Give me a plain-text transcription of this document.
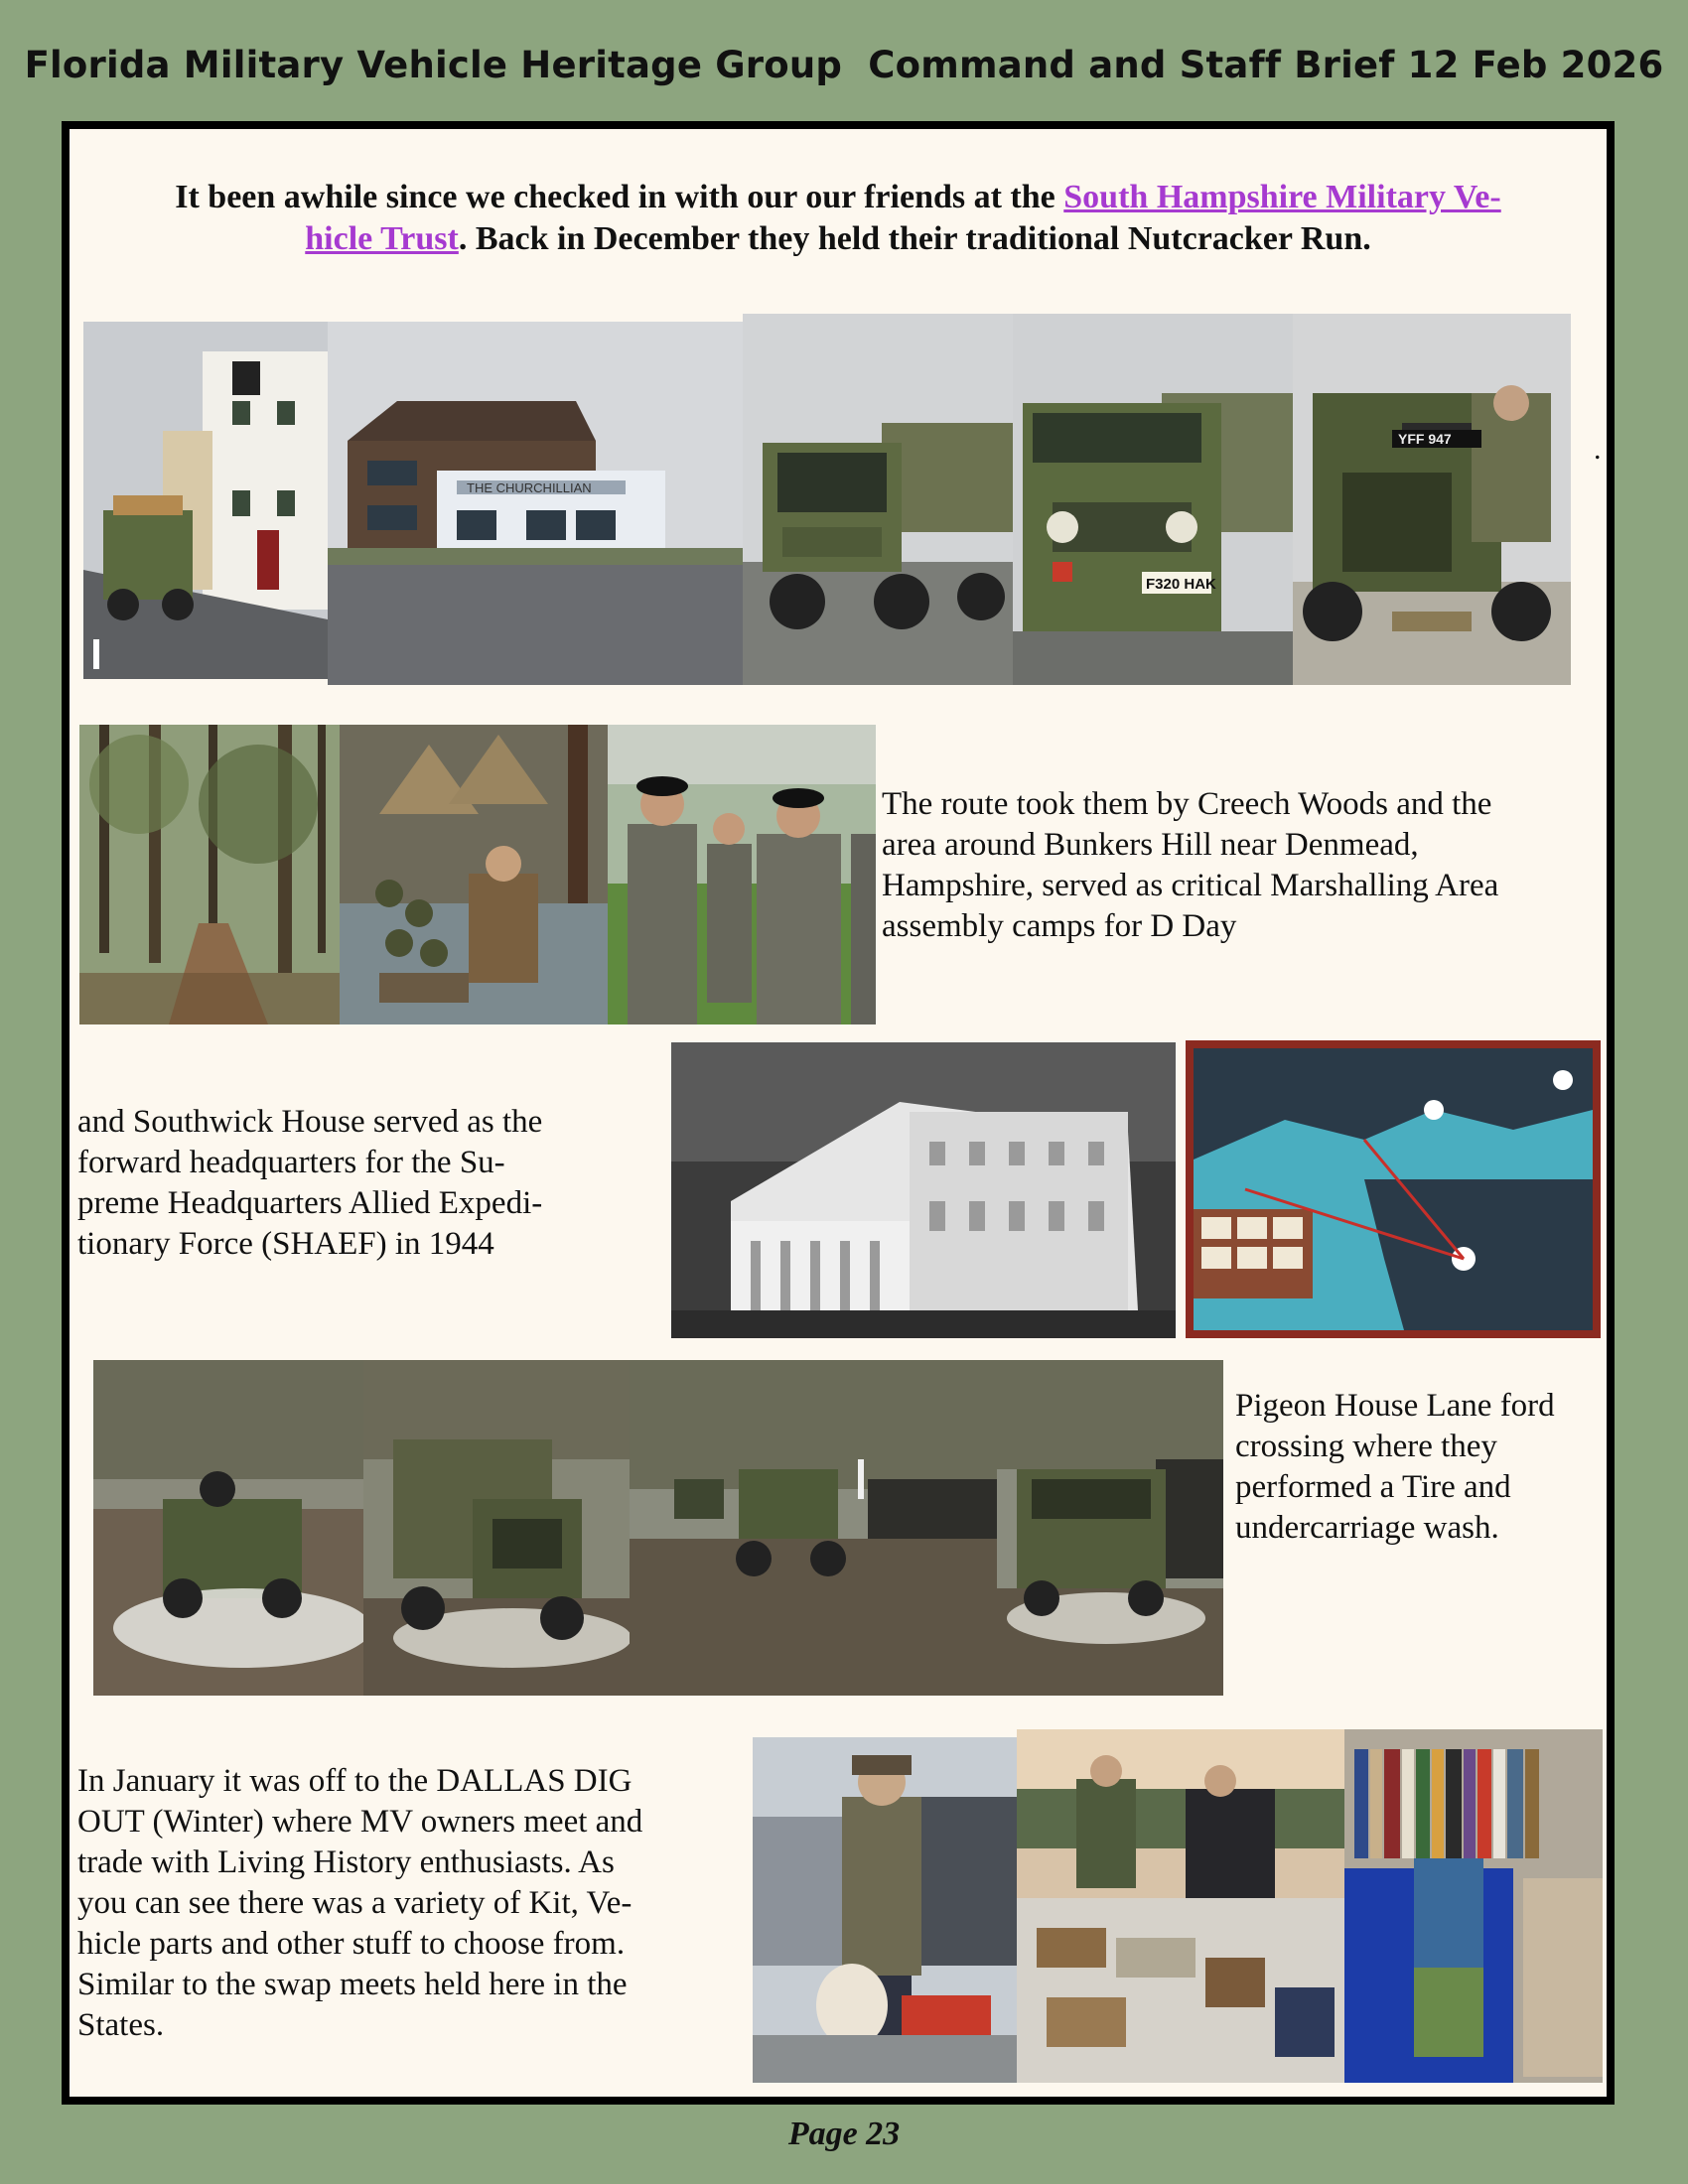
Florida Military Vehicle Heritage Group Command and Staff Brief 12 Feb 2026
It been awhile since we checked in with our our friends at the South Hampshire Military Ve-
hicle Trust. Back in December they held their traditional Nutcracker Run.
THE CHURCHILLIAN
F320 HAK
YFF 947	.
The route took them by Creech Woods and the
area around Bunkers Hill near Denmead,
Hampshire, served as critical Marshalling Area
assembly camps for D Day
and Southwick House served as the
forward headquarters for the Su-
preme Headquarters Allied Expedi-
tionary Force (SHAEF) in 1944
Pigeon House Lane ford
crossing where they
performed a Tire and
undercarriage wash.
In January it was off to the DALLAS DIG
OUT (Winter) where MV owners meet and
trade with Living History enthusiasts. As
you can see there was a variety of Kit, Ve-
hicle parts and other stuff to choose from.
Similar to the swap meets held here in the
States.
Page 23
